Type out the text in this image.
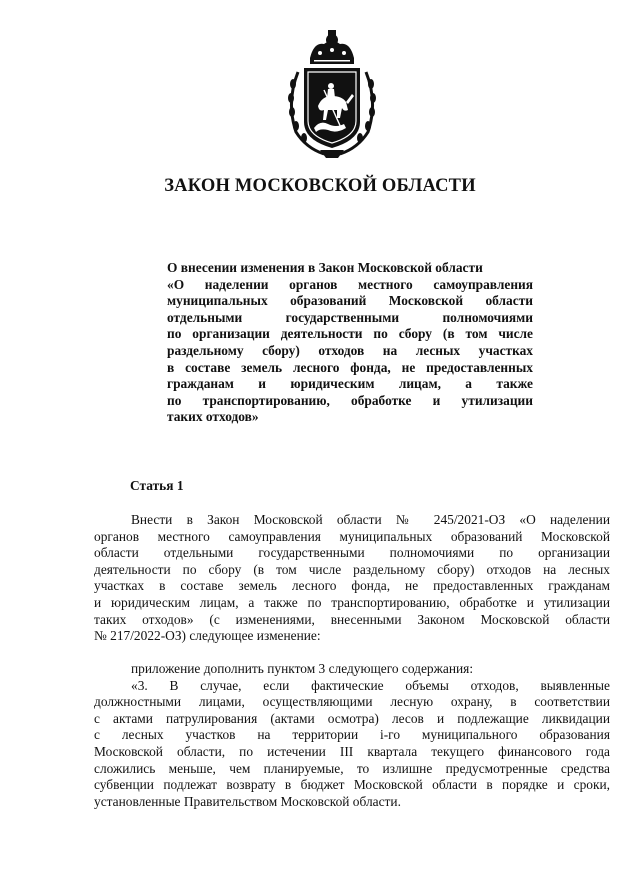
ЗАКОН МОСКОВСКОЙ ОБЛАСТИ
О внесении изменения в Закон Московской области
«О наделении органов местного самоуправления
муниципальных образований Московской области
отдельными государственными полномочиями
по организации деятельности по сбору (в том числе
раздельному сбору) отходов на лесных участках
в составе земель лесного фонда, не предоставленных
гражданам и юридическим лицам, а также
по транспортированию, обработке и утилизации
таких отходов»
Статья 1
Внести в Закон Московской области № 245/2021-ОЗ «О наделении
органов местного самоуправления муниципальных образований Московской
области отдельными государственными полномочиями по организации
деятельности по сбору (в том числе раздельному сбору) отходов на лесных
участках в составе земель лесного фонда, не предоставленных гражданам
и юридическим лицам, а также по транспортированию, обработке и утилизации
таких отходов» (с изменениями, внесенными Законом Московской области
№ 217/2022-ОЗ) следующее изменение:
приложение дополнить пунктом 3 следующего содержания:
«3. В случае, если фактические объемы отходов, выявленные
должностными лицами, осуществляющими лесную охрану, в соответствии
с актами патрулирования (актами осмотра) лесов и подлежащие ликвидации
с лесных участков на территории i-го муниципального образования
Московской области, по истечении III квартала текущего финансового года
сложились меньше, чем планируемые, то излишне предусмотренные средства
субвенции подлежат возврату в бюджет Московской области в порядке и сроки,
установленные Правительством Московской области.
